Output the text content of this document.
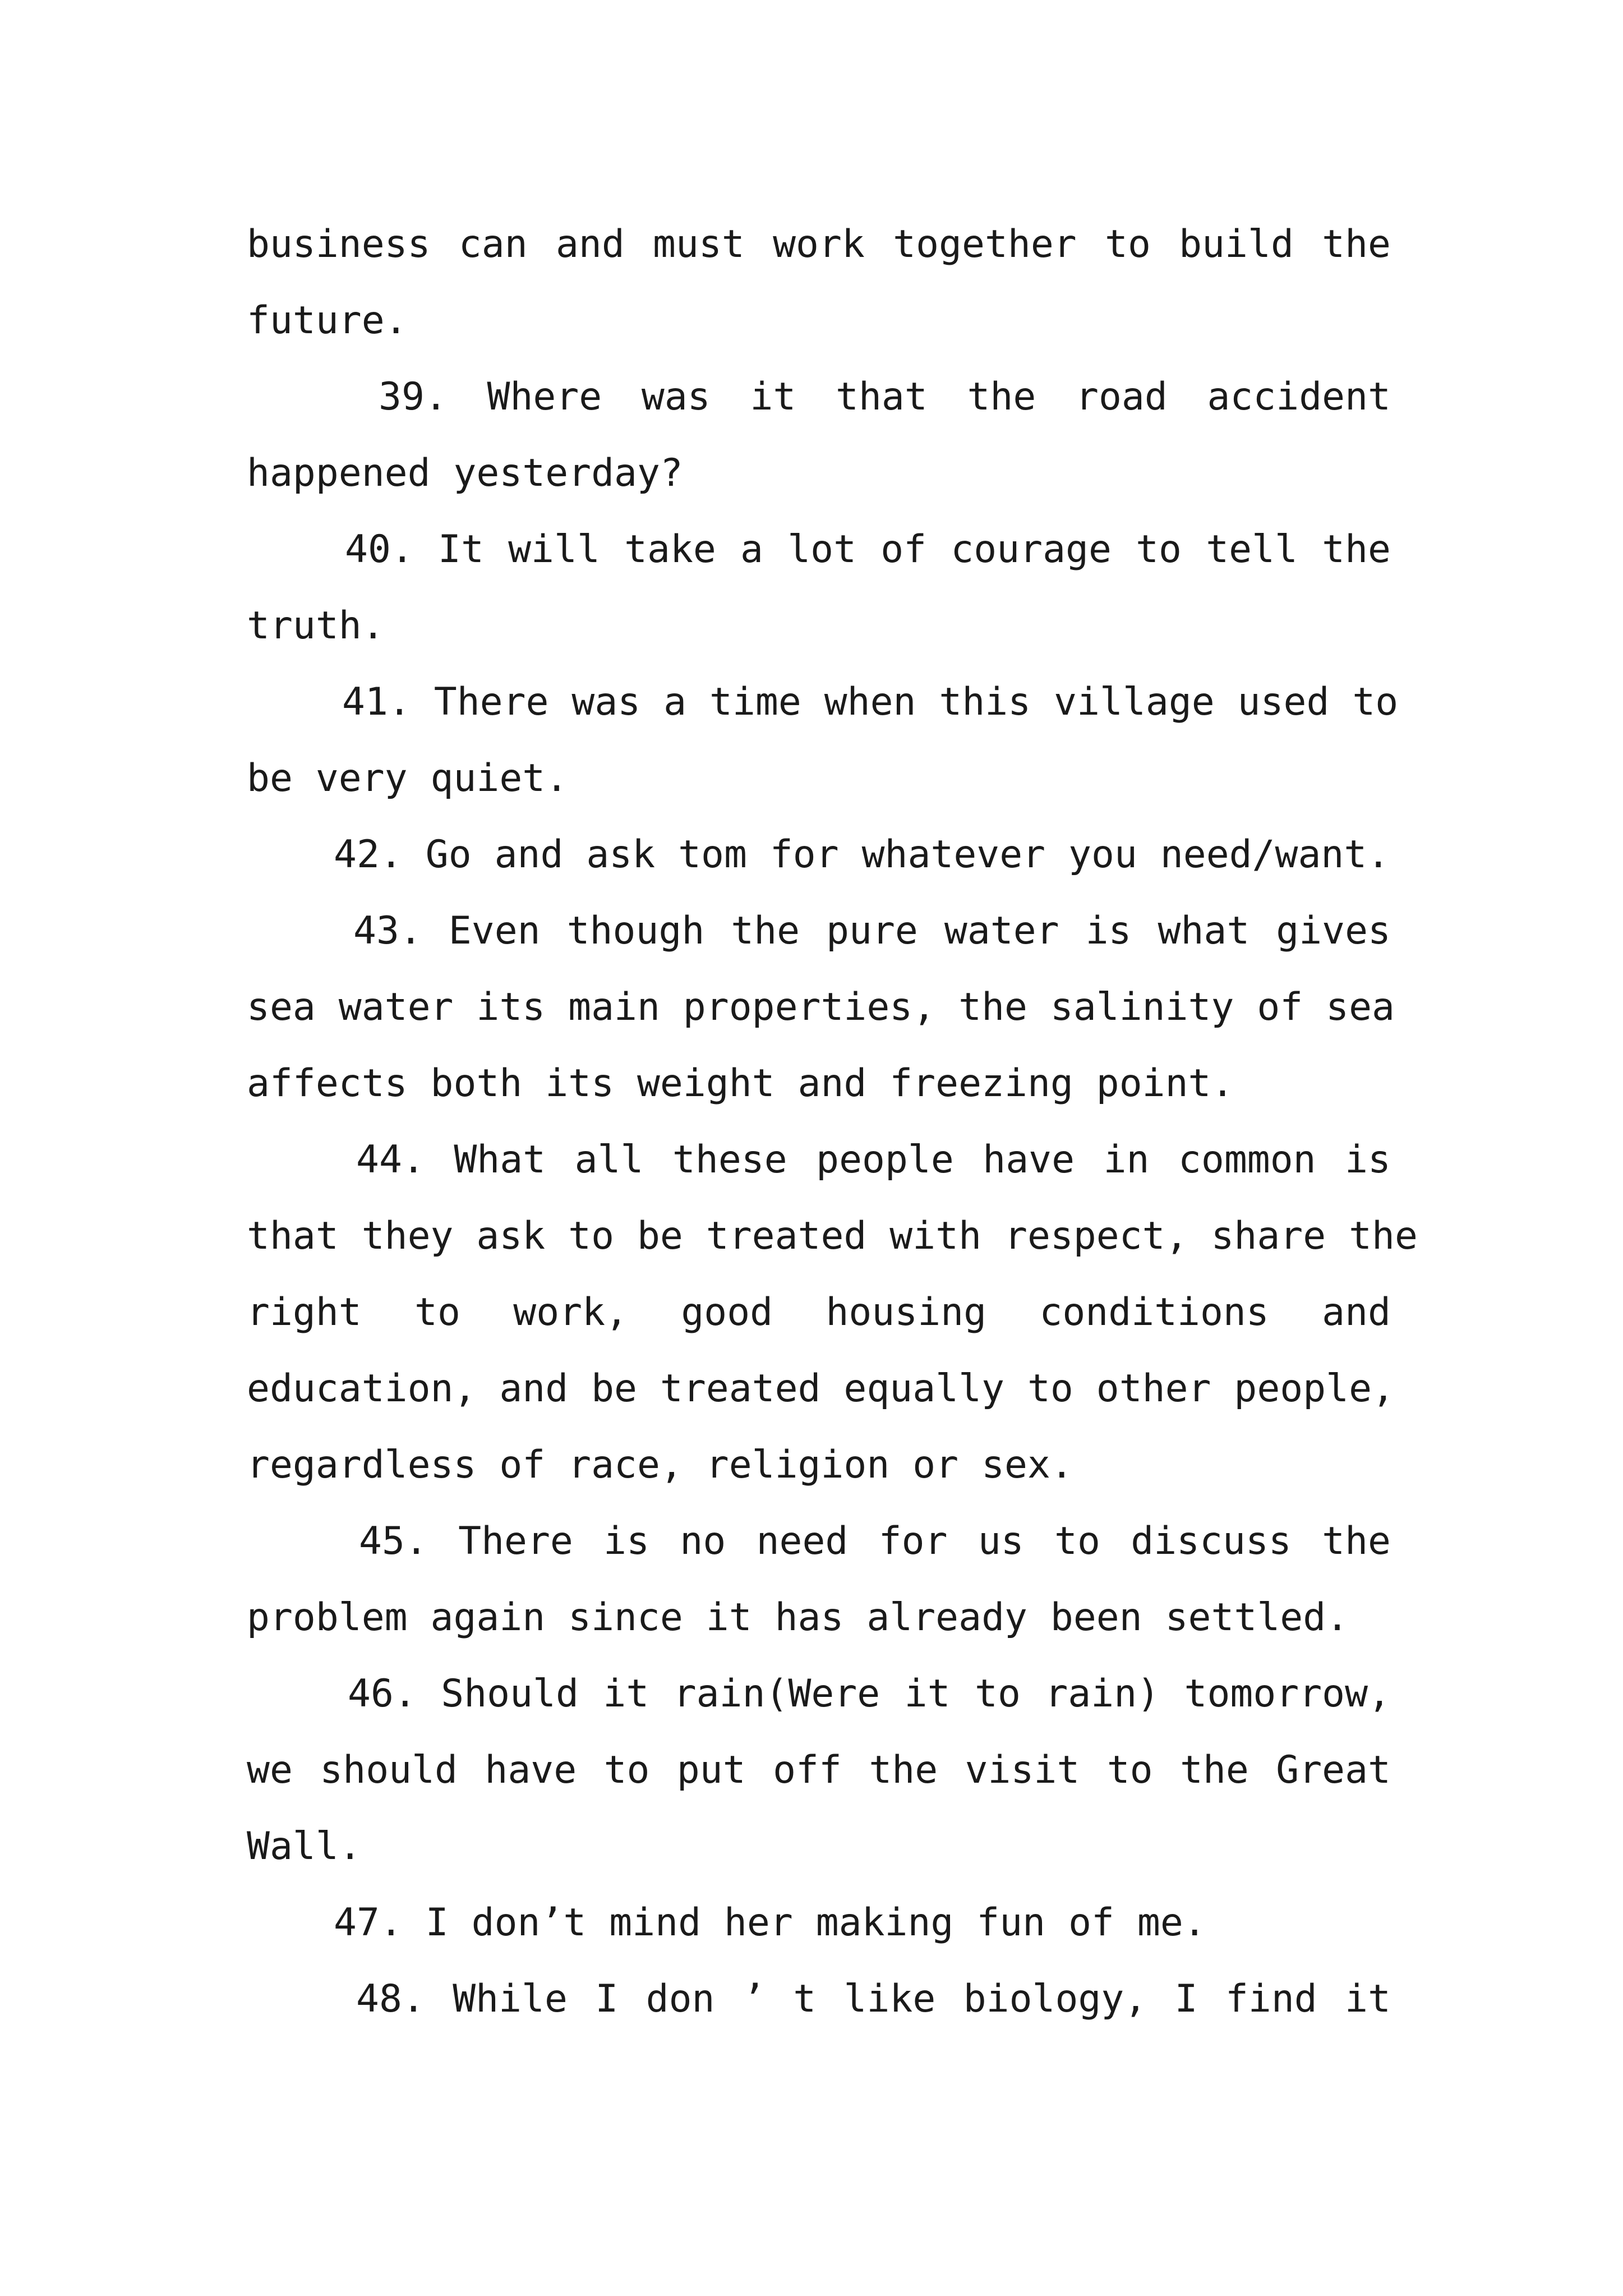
business can and must work together to build the
future.
39. Where was it that the road accident
happened yesterday?
40. It will take a lot of courage to tell the
truth.
41. There was a time when this village used to
be very quiet.
42. Go and ask tom for whatever you need/want.
43. Even though the pure water is what gives
sea water its main properties, the salinity of sea
affects both its weight and freezing point.
44. What all these people have in common is
that they ask to be treated with respect, share the
right to work, good housing conditions and
education, and be treated equally to other people,
regardless of race, religion or sex.
45. There is no need for us to discuss the
problem again since it has already been settled.
46. Should it rain(Were it to rain) tomorrow,
we should have to put off the visit to the Great
Wall.
47. I don’t mind her making fun of me.
48. While I don ’ t like biology, I find it
